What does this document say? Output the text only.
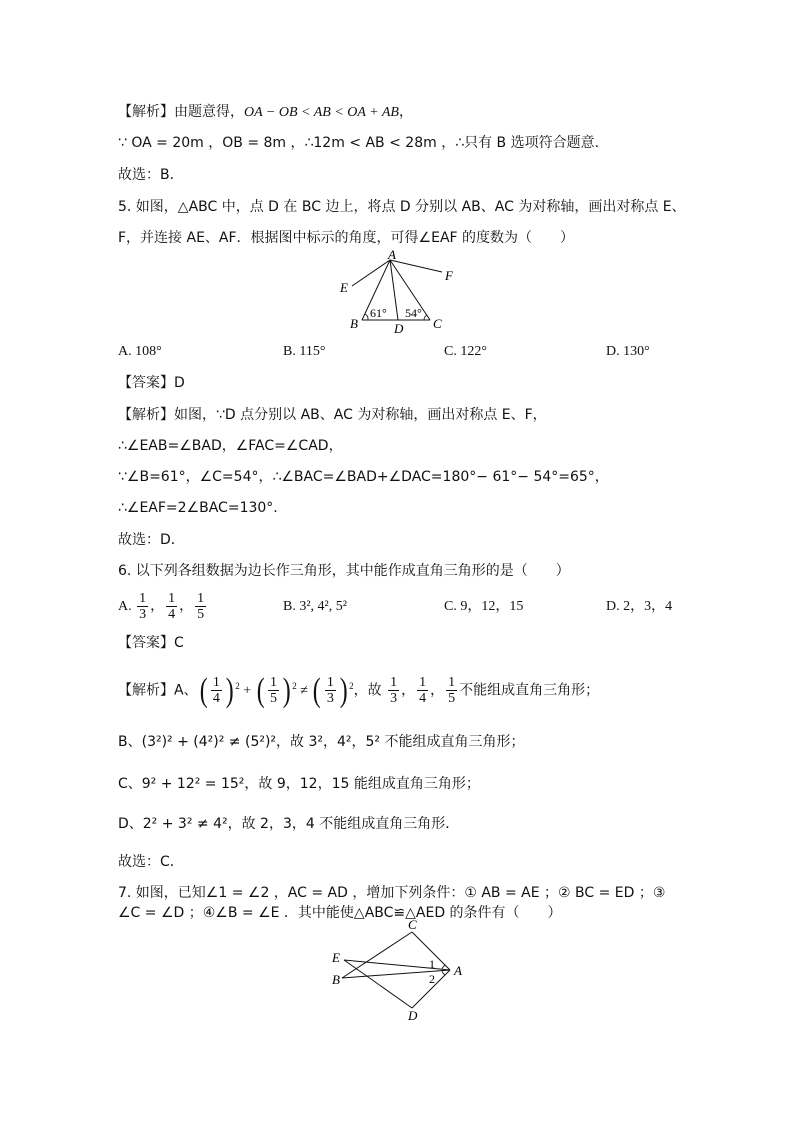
【解析】由题意得，OA − OB < AB < OA + AB，
∵ OA = 20m ，OB = 8m ，∴12m < AB < 28m ，∴只有 B 选项符合题意.
故选：B．
5. 如图，△ABC 中，点 D 在 BC 边上，将点 D 分别以 AB、AC 为对称轴，画出对称点 E、
F，并连接 AE、AF．根据图中标示的角度，可得∠EAF 的度数为（　　）
A
B	C
D
E
F
61° 54°
A. 108°	B. 115°	C. 122°	D. 130°
【答案】D
【解析】如图，∵D 点分别以 AB、AC 为对称轴，画出对称点 E、F，
∴∠EAB=∠BAD，∠FAC=∠CAD，
∵∠B=61°，∠C=54°，∴∠BAC=∠BAD+∠DAC=180°− 61°− 54°=65°，
∴∠EAF=2∠BAC=130°.
故选：D．
6. 以下列各组数据为边长作三角形，其中能作成直角三角形的是（　　）
A. $\frac{1}{3}$ ， $\frac{1}{4}$ ， $\frac{1}{5}$	B. 3², 4², 5²	C. 9，12，15	D. 2，3，4
【答案】C
【解析】A、( $\frac{1}{4}$ ) $^2$ + ( $\frac{1}{5}$ ) $^2$ ≠ ( $\frac{1}{3}$ ) $^2$，故 $\frac{1}{3}$ ， $\frac{1}{4}$ ， $\frac{1}{5}$ 不能组成直角三角形；
B、(3²)² + (4²)² ≠ (5²)²，故 3²，4²，5² 不能组成直角三角形；
C、9² + 12² = 15²，故 9，12，15 能组成直角三角形；
D、2² + 3² ≠ 4²，故 2，3，4 不能组成直角三角形．
故选：C．
7. 如图，已知∠1 = ∠2 ，AC = AD ，增加下列条件：① AB = AE ；② BC = ED ；③
∠C = ∠D ；④∠B = ∠E ．其中能使△ABC≌△AED 的条件有（　　）
C
E
B
A
D
1
2
